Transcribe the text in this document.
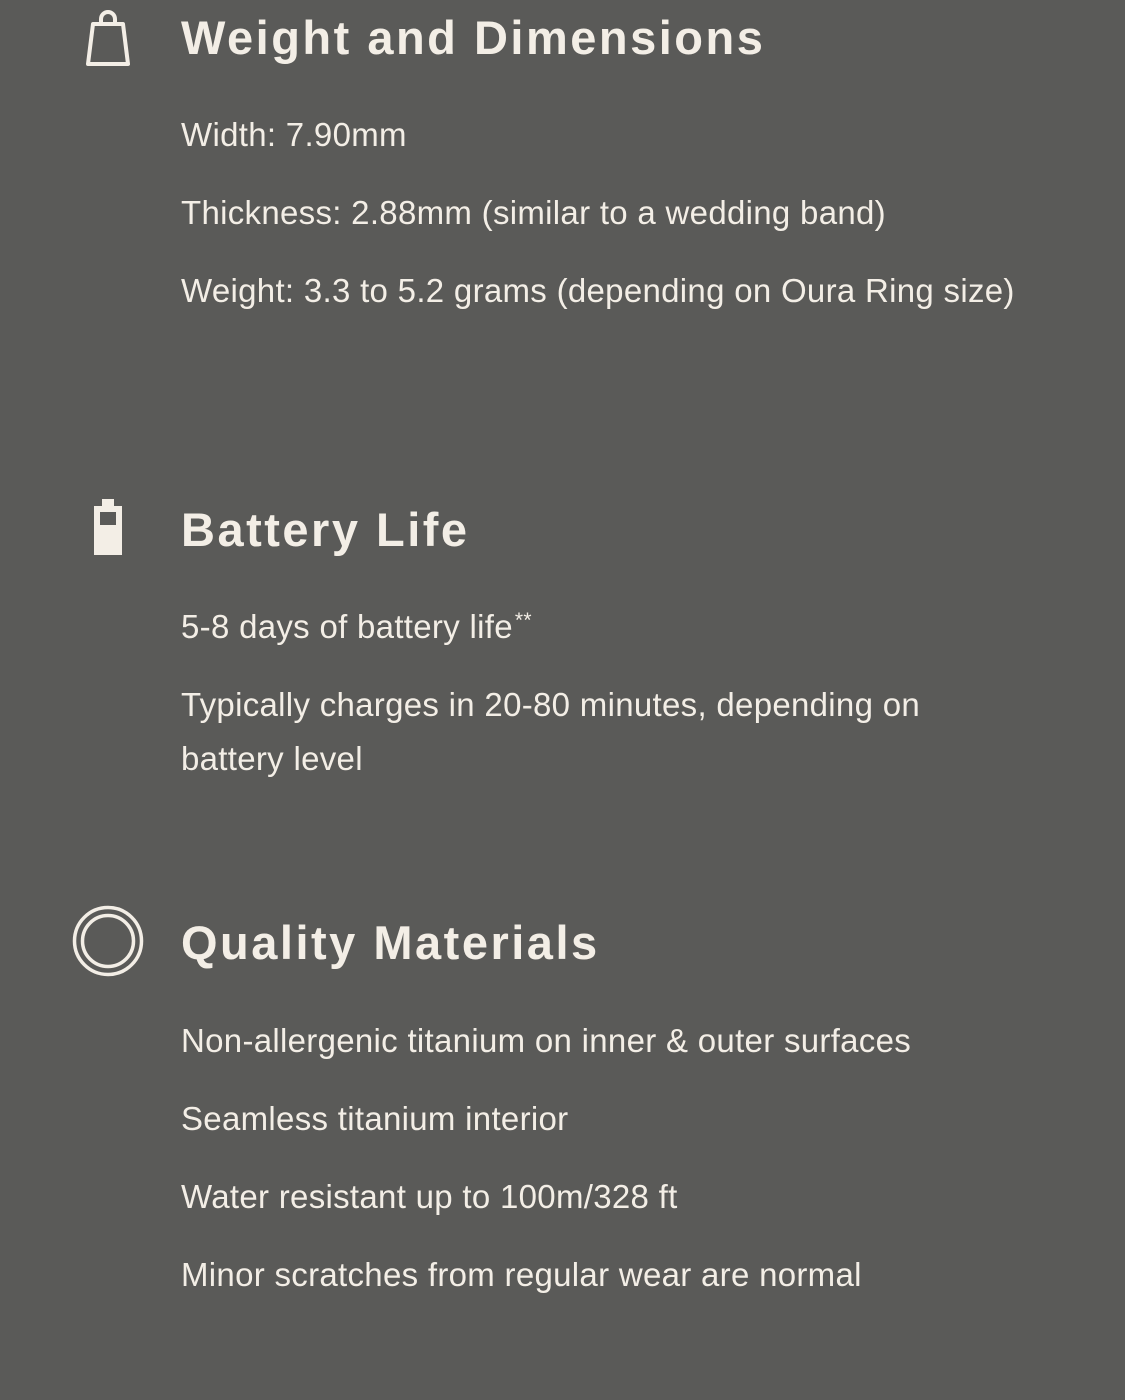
Weight and Dimensions

Width: 7.90mm

Thickness: 2.88mm (similar to a wedding band)

Weight: 3.3 to 5.2 grams (depending on Oura Ring size)

Battery Life

5-8 days of battery life**

Typically charges in 20-80 minutes, depending on battery level

Quality Materials

Non-allergenic titanium on inner & outer surfaces

Seamless titanium interior

Water resistant up to 100m/328 ft

Minor scratches from regular wear are normal
